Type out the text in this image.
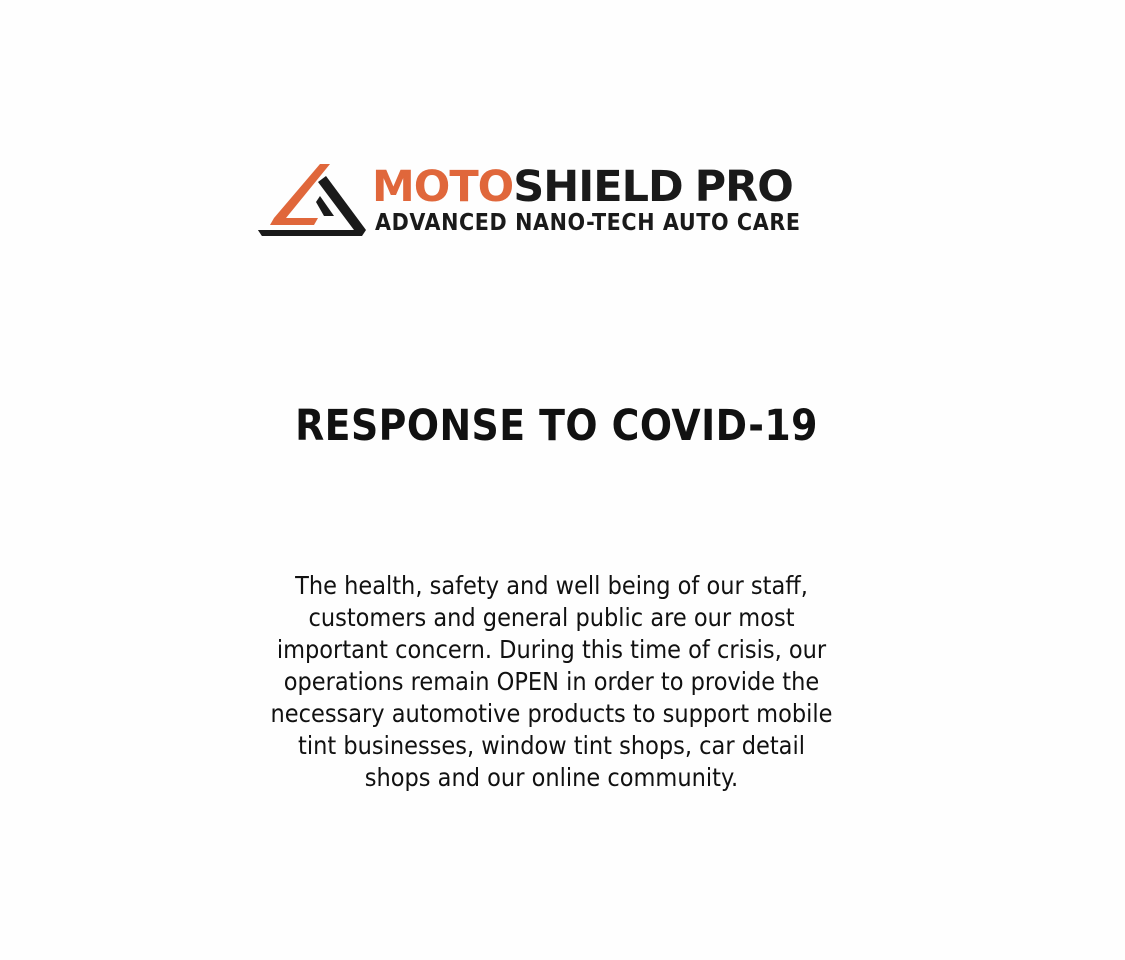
MOTOSHIELD PRO
ADVANCED NANO-TECH AUTO CARE
RESPONSE TO COVID-19
The health, safety and well being of our staff,
customers and general public are our most
important concern. During this time of crisis, our
operations remain OPEN in order to provide the
necessary automotive products to support mobile
tint businesses, window tint shops, car detail
shops and our online community.
